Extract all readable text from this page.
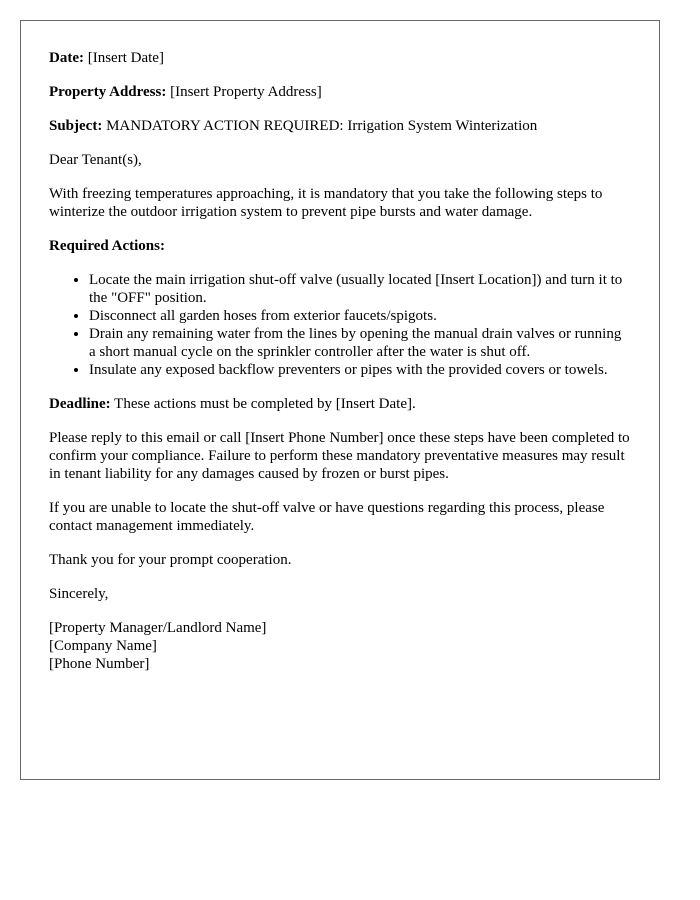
Date: [Insert Date]

Property Address: [Insert Property Address]

Subject: MANDATORY ACTION REQUIRED: Irrigation System Winterization

Dear Tenant(s),

With freezing temperatures approaching, it is mandatory that you take the following steps to winterize the outdoor irrigation system to prevent pipe bursts and water damage.

Required Actions:

• Locate the main irrigation shut-off valve (usually located [Insert Location]) and turn it to the "OFF" position.
• Disconnect all garden hoses from exterior faucets/spigots.
• Drain any remaining water from the lines by opening the manual drain valves or running a short manual cycle on the sprinkler controller after the water is shut off.
• Insulate any exposed backflow preventers or pipes with the provided covers or towels.

Deadline: These actions must be completed by [Insert Date].

Please reply to this email or call [Insert Phone Number] once these steps have been completed to confirm your compliance. Failure to perform these mandatory preventative measures may result in tenant liability for any damages caused by frozen or burst pipes.

If you are unable to locate the shut-off valve or have questions regarding this process, please contact management immediately.

Thank you for your prompt cooperation.

Sincerely,

[Property Manager/Landlord Name]
[Company Name]
[Phone Number]
